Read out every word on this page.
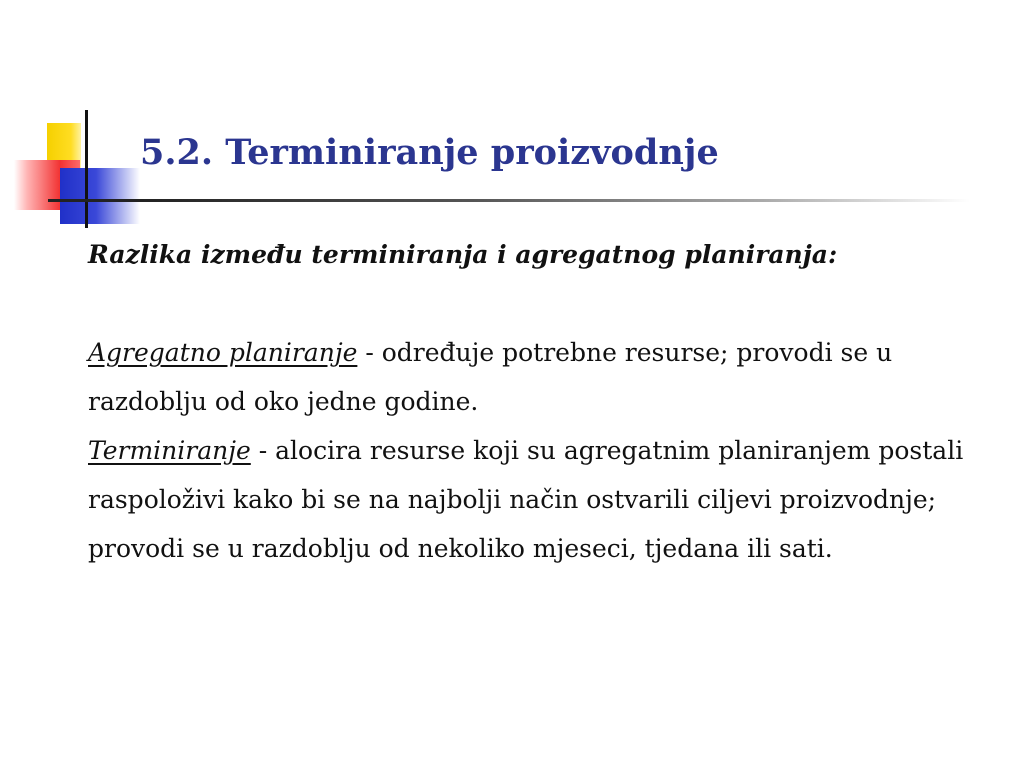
5.2. Terminiranje proizvodnje

Razlika između terminiranja i agregatnog planiranja:

Agregatno planiranje - određuje potrebne resurse; provodi se u razdoblju od oko jedne godine.

Terminiranje - alocira resurse koji su agregatnim planiranjem postali raspoloživi kako bi se na najbolji način ostvarili ciljevi proizvodnje; provodi se u razdoblju od nekoliko mjeseci, tjedana ili sati.
